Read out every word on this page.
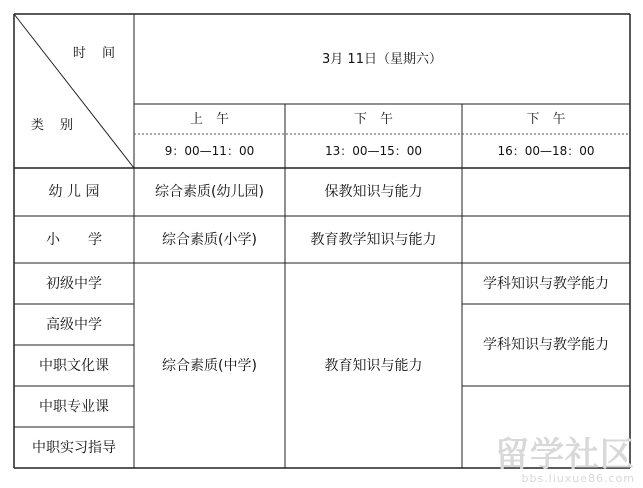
时 间
类 别
3月 11日（星期六）
上　午
9：00—11：00
下　午
13：00—15：00
下　午
16：00—18：00
幼 儿 园
小　　学
初级中学
高级中学
中职文化课
中职专业课
中职实习指导
综合素质(幼儿园)
综合素质(小学)
综合素质(中学)
保教知识与能力
教育教学知识与能力
教育知识与能力
学科知识与教学能力
学科知识与教学能力
留学社区
bbs.liuxue86.com
